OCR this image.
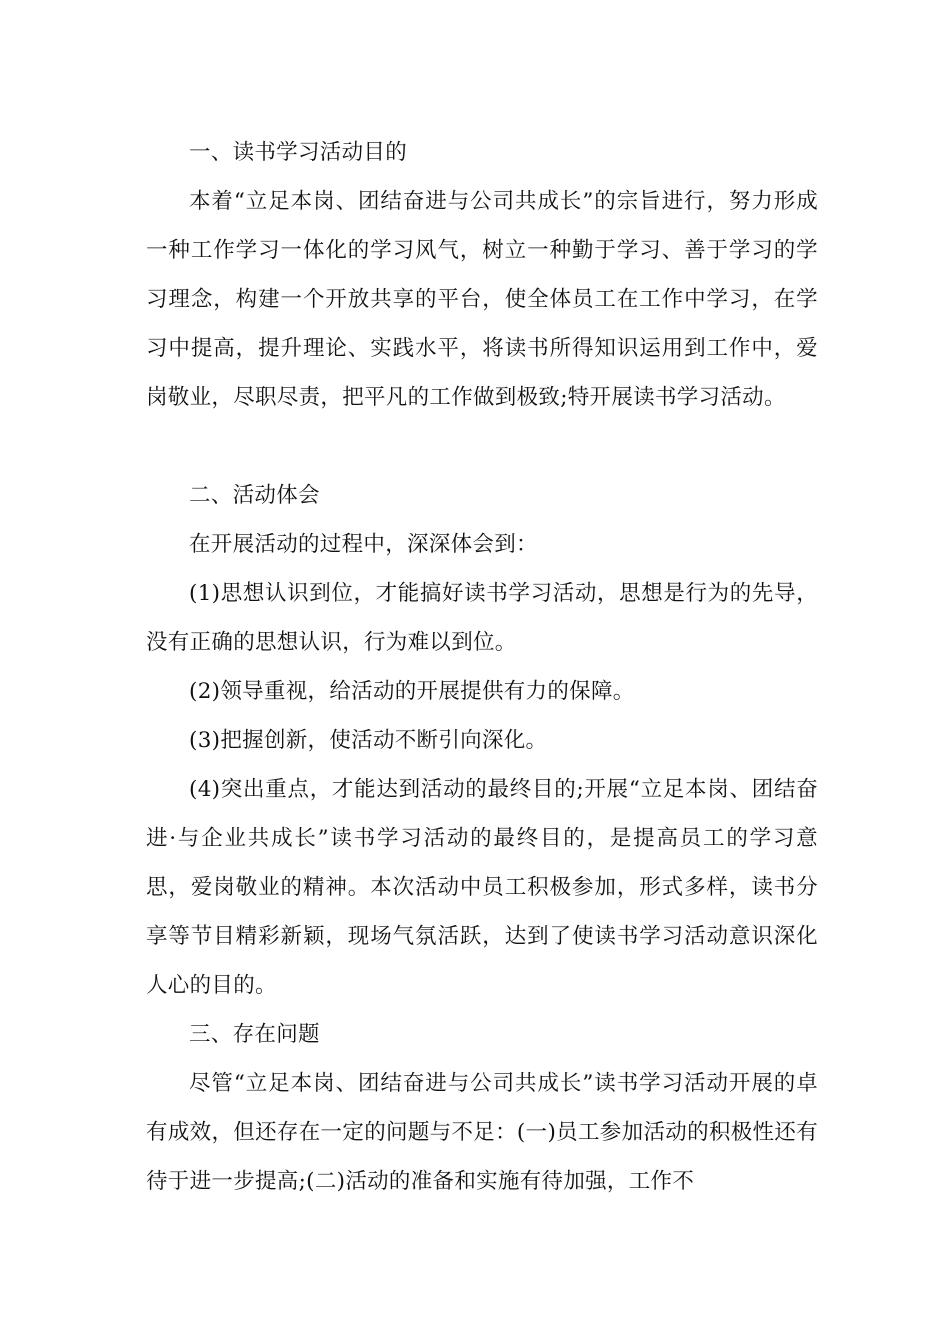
一、读书学习活动目的

本着“立足本岗、团结奋进与公司共成长”的宗旨进行，努力形成一种工作学习一体化的学习风气，树立一种勤于学习、善于学习的学习理念，构建一个开放共享的平台，使全体员工在工作中学习，在学习中提高，提升理论、实践水平，将读书所得知识运用到工作中，爱岗敬业，尽职尽责，把平凡的工作做到极致;特开展读书学习活动。

二、活动体会

在开展活动的过程中，深深体会到：

(1)思想认识到位，才能搞好读书学习活动，思想是行为的先导，没有正确的思想认识，行为难以到位。

(2)领导重视，给活动的开展提供有力的保障。

(3)把握创新，使活动不断引向深化。

(4)突出重点，才能达到活动的最终目的;开展“立足本岗、团结奋进·与企业共成长”读书学习活动的最终目的，是提高员工的学习意思，爱岗敬业的精神。本次活动中员工积极参加，形式多样，读书分享等节目精彩新颖，现场气氛活跃，达到了使读书学习活动意识深化人心的目的。

三、存在问题

尽管“立足本岗、团结奋进与公司共成长”读书学习活动开展的卓有成效，但还存在一定的问题与不足：(一)员工参加活动的积极性还有待于进一步提高;(二)活动的准备和实施有待加强，工作不
